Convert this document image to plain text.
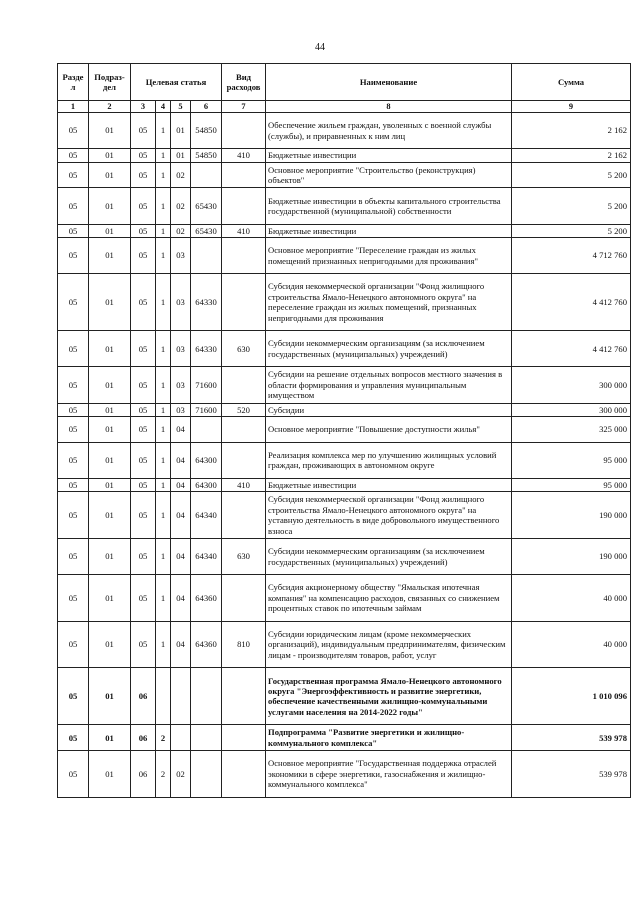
44
Разде л	Подраз- дел	Целевая статья				Вид расходов	Наименование	Сумма
1	2	3	4	5	6	7	8	9
05	01	05	1	01	54850		Обеспечение жильем граждан, уволенных с военной службы (службы), и приравненных к ним лиц	2 162
05	01	05	1	01	54850	410	Бюджетные инвестиции	2 162
05	01	05	1	02			Основное мероприятие "Строительство (реконструкция) объектов"	5 200
05	01	05	1	02	65430		Бюджетные инвестиции в объекты капитального строительства государственной (муниципальной) собственности	5 200
05	01	05	1	02	65430	410	Бюджетные инвестиции	5 200
05	01	05	1	03			Основное мероприятие "Переселение граждан из жилых помещений признанных непригодными для проживания"	4 712 760
05	01	05	1	03	64330		Субсидия некоммерческой организации "Фонд жилищного строительства Ямало-Ненецкого автономного округа" на переселение граждан из жилых помещений, признанных непригодными для проживания	4 412 760
05	01	05	1	03	64330	630	Субсидии некоммерческим организациям (за исключением государственных (муниципальных) учреждений)	4 412 760
05	01	05	1	03	71600		Субсидии на решение отдельных вопросов местного значения в области формирования и управления муниципальным имуществом	300 000
05	01	05	1	03	71600	520	Субсидии	300 000
05	01	05	1	04			Основное мероприятие "Повышение доступности жилья"	325 000
05	01	05	1	04	64300		Реализация комплекса мер по улучшению жилищных условий граждан, проживающих в автономном округе	95 000
05	01	05	1	04	64300	410	Бюджетные инвестиции	95 000
05	01	05	1	04	64340		Субсидия некоммерческой организации "Фонд жилищного строительства Ямало-Ненецкого автономного округа" на уставную деятельность в виде добровольного имущественного взноса	190 000
05	01	05	1	04	64340	630	Субсидии некоммерческим организациям (за исключением государственных (муниципальных) учреждений)	190 000
05	01	05	1	04	64360		Субсидия акционерному обществу "Ямальская ипотечная компания" на компенсацию расходов, связанных со снижением процентных ставок по ипотечным займам	40 000
05	01	05	1	04	64360	810	Субсидии юридическим лицам (кроме некоммерческих организаций), индивидуальным предпринимателям, физическим лицам - производителям товаров, работ, услуг	40 000
05	01	06					Государственная программа Ямало-Ненецкого автономного округа "Энергоэффективность и развитие энергетики, обеспечение качественными жилищно-коммунальными услугами населения на 2014-2022 годы"	1 010 096
05	01	06	2				Подпрограмма "Развитие энергетики и жилищно-коммунального комплекса"	539 978
05	01	06	2	02			Основное мероприятие "Государственная поддержка отраслей экономики в сфере энергетики, газоснабжения и жилищно-коммунального комплекса"	539 978
